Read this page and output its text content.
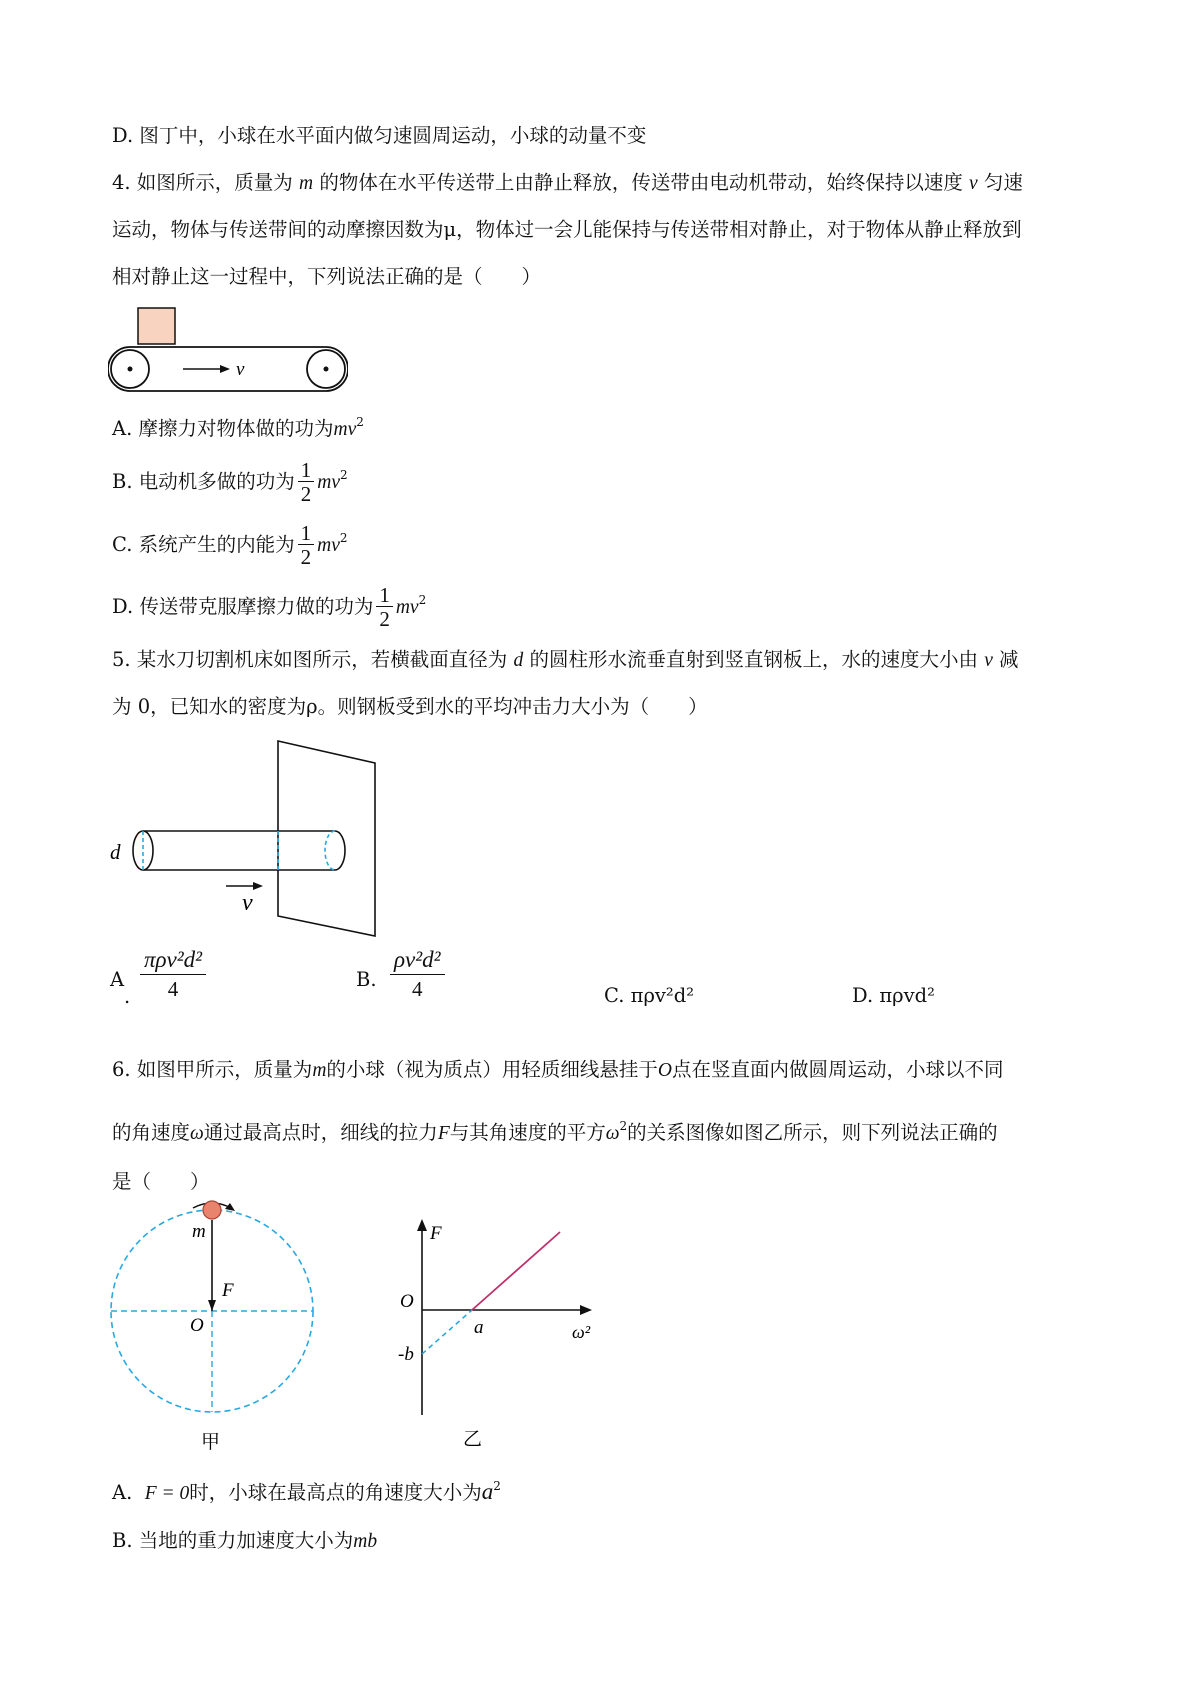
D. 图丁中，小球在水平面内做匀速圆周运动，小球的动量不变
4. 如图所示，质量为 m 的物体在水平传送带上由静止释放，传送带由电动机带动，始终保持以速度 v 匀速
运动，物体与传送带间的动摩擦因数为μ，物体过一会儿能保持与传送带相对静止，对于物体从静止释放到
相对静止这一过程中，下列说法正确的是（　　）
v
A. 摩擦力对物体做的功为$mv^2$
B. 电动机多做的功为 $\frac{1}{2} mv^2$
C. 系统产生的内能为 $\frac{1}{2} mv^2$
D. 传送带克服摩擦力做的功为 $\frac{1}{2} mv^2$
5. 某水刀切割机床如图所示，若横截面直径为 d 的圆柱形水流垂直射到竖直钢板上，水的速度大小由 v 减
为 0，已知水的密度为ρ。则钢板受到水的平均冲击力大小为（　　）
d
v
A
.
πρv²d²
4	B. $\frac{\text{ρv²d²}}{4}$	C. πρv²d²	D. πρvd²
6. 如图甲所示，质量为m的小球（视为质点）用轻质细线悬挂于O点在竖直面内做圆周运动，小球以不同
的角速度ω通过最高点时，细线的拉力F与其角速度的平方$\omega^2$的关系图像如图乙所示，则下列说法正确的
是（　　）
m
F
O
甲
F
O
a
-b
ω²
乙
A. F = 0时，小球在最高点的角速度大小为$a^2$
B. 当地的重力加速度大小为mb
